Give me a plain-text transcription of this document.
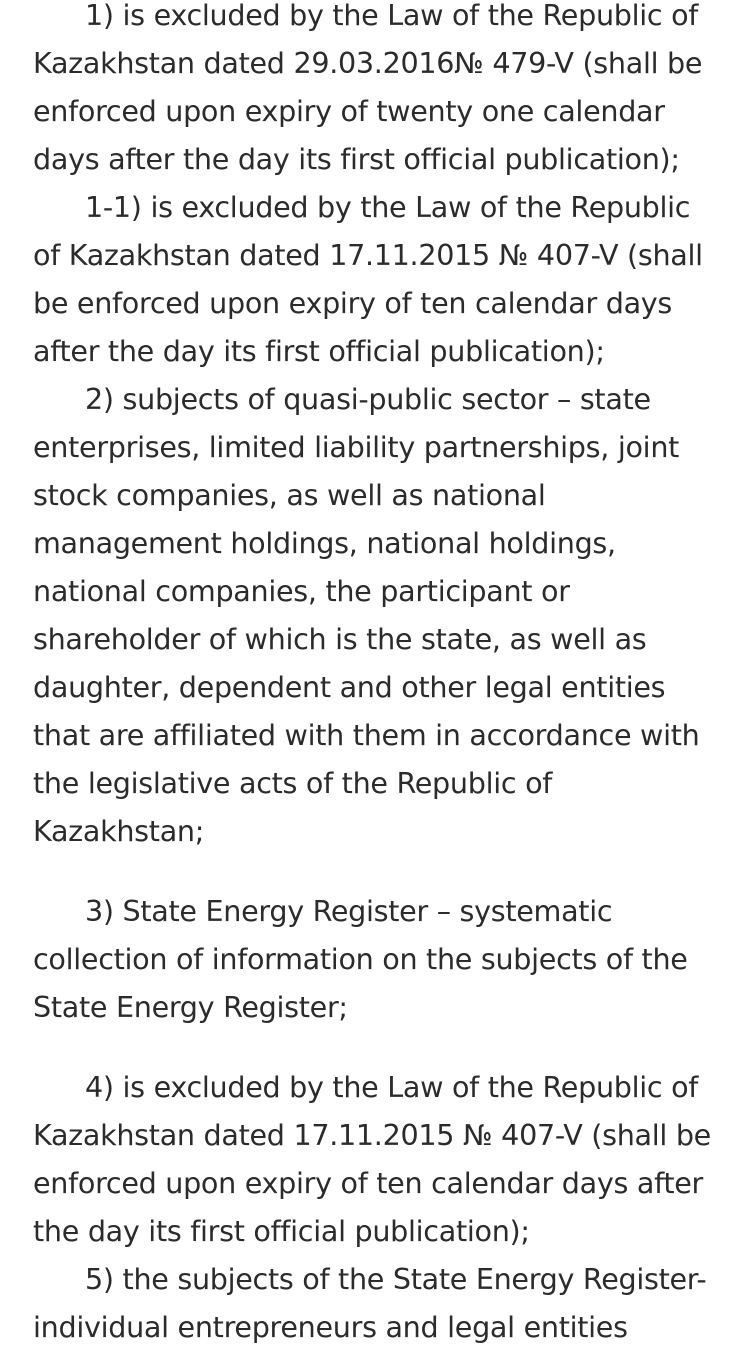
1) is excluded by the Law of the Republic of Kazakhstan dated 29.03.2016№ 479-V (shall be enforced upon expiry of twenty one calendar days after the day its first official publication);

1-1) is excluded by the Law of the Republic of Kazakhstan dated 17.11.2015 № 407-V (shall be enforced upon expiry of ten calendar days after the day its first official publication);

2) subjects of quasi-public sector – state enterprises, limited liability partnerships, joint stock companies, as well as national management holdings, national holdings, national companies, the participant or shareholder of which is the state, as well as daughter, dependent and other legal entities that are affiliated with them in accordance with the legislative acts of the Republic of Kazakhstan;

3) State Energy Register – systematic collection of information on the subjects of the State Energy Register;

4) is excluded by the Law of the Republic of Kazakhstan dated 17.11.2015 № 407-V (shall be enforced upon expiry of ten calendar days after the day its first official publication);

5) the subjects of the State Energy Register-individual entrepreneurs and legal entities
